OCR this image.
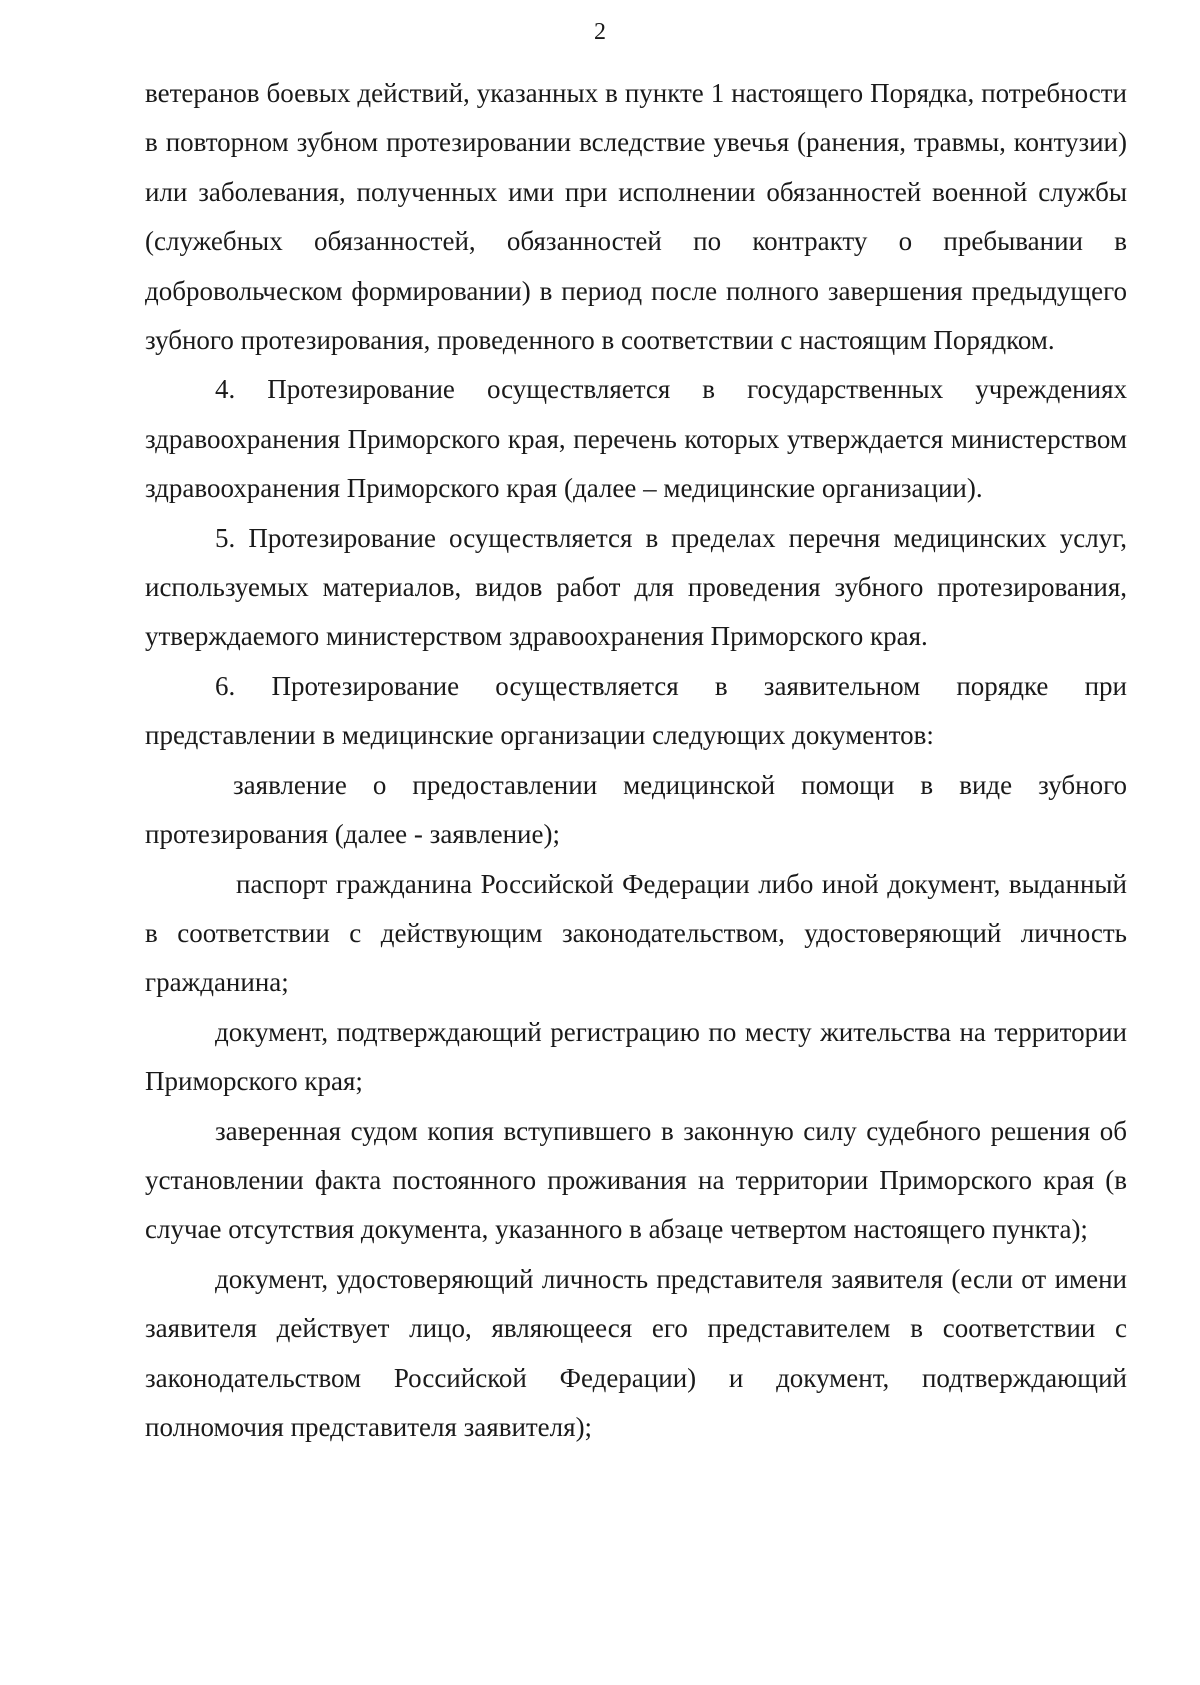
2

ветеранов боевых действий, указанных в пункте 1 настоящего Порядка, потребности в повторном зубном протезировании вследствие увечья (ранения, травмы, контузии) или заболевания, полученных ими при исполнении обязанностей военной службы (служебных обязанностей, обязанностей по контракту о пребывании в добровольческом формировании) в период после полного завершения предыдущего зубного протезирования, проведенного в соответствии с настоящим Порядком.

4. Протезирование осуществляется в государственных учреждениях здравоохранения Приморского края, перечень которых утверждается министерством здравоохранения Приморского края (далее – медицинские организации).

5. Протезирование осуществляется в пределах перечня медицинских услуг, используемых материалов, видов работ для проведения зубного протезирования, утверждаемого министерством здравоохранения Приморского края.

6. Протезирование осуществляется в заявительном порядке при представлении в медицинские организации следующих документов:

заявление о предоставлении медицинской помощи в виде зубного протезирования (далее - заявление);

паспорт гражданина Российской Федерации либо иной документ, выданный в соответствии с действующим законодательством, удостоверяющий личность гражданина;

документ, подтверждающий регистрацию по месту жительства на территории Приморского края;

заверенная судом копия вступившего в законную силу судебного решения об установлении факта постоянного проживания на территории Приморского края (в случае отсутствия документа, указанного в абзаце четвертом настоящего пункта);

документ, удостоверяющий личность представителя заявителя (если от имени заявителя действует лицо, являющееся его представителем в соответствии с законодательством Российской Федерации) и документ, подтверждающий полномочия представителя заявителя);
